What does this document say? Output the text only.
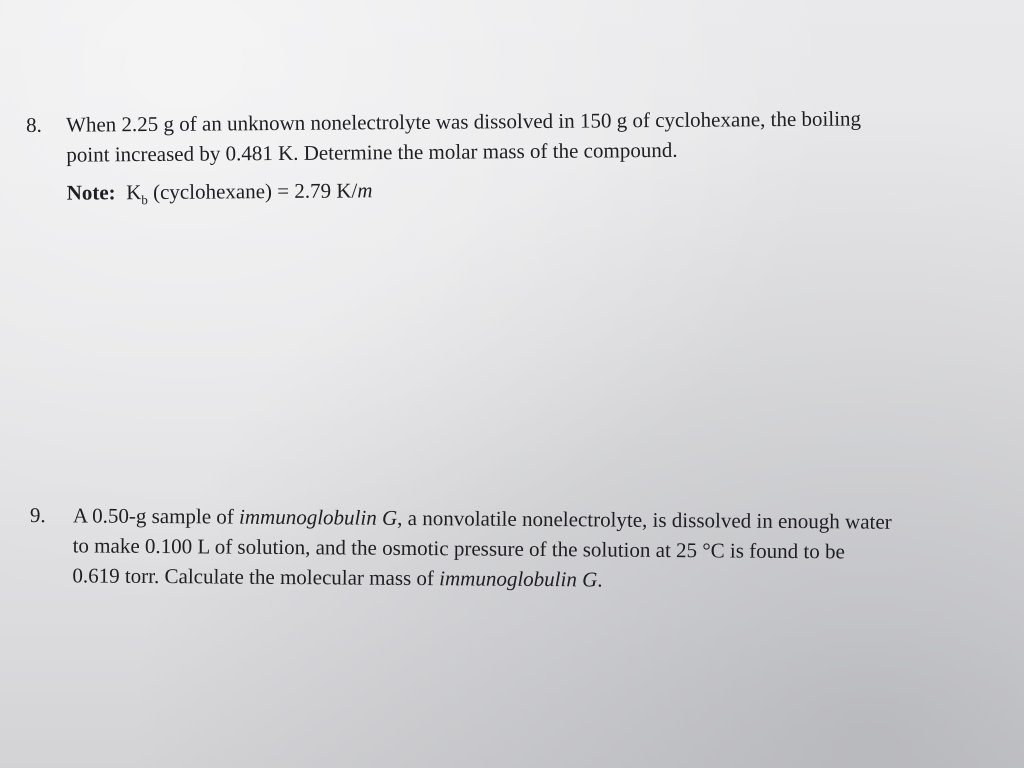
8.	When 2.25 g of an unknown nonelectrolyte was dissolved in 150 g of cyclohexane, the boiling
point increased by 0.481 K. Determine the molar mass of the compound.
Note: $K_b$ (cyclohexane) = 2.79 K/m
9.	A 0.50-g sample of immunoglobulin G, a nonvolatile nonelectrolyte, is dissolved in enough water
to make 0.100 L of solution, and the osmotic pressure of the solution at 25 °C is found to be
0.619 torr. Calculate the molecular mass of immunoglobulin G.
